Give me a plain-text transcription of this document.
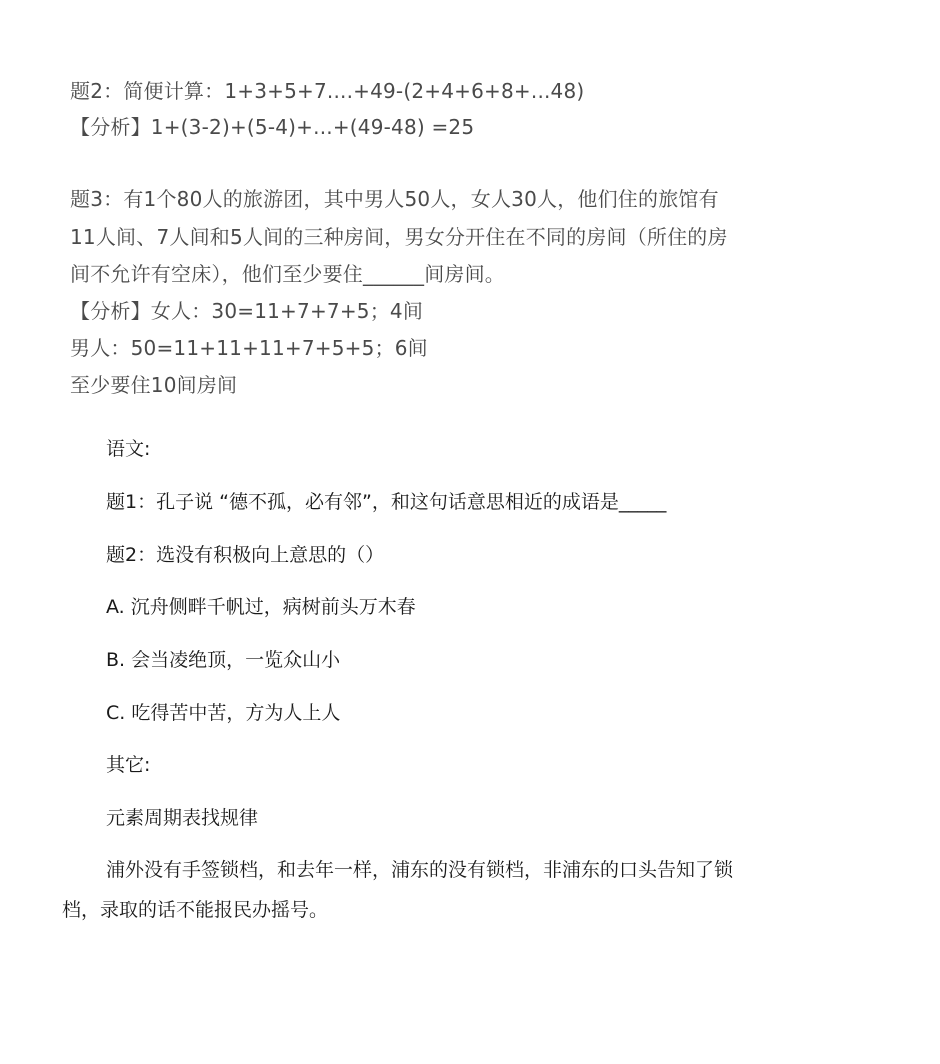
题2：简便计算：1+3+5+7....+49-(2+4+6+8+...48)
【分析】1+(3-2)+(5-4)+...+(49-48) =25
题3：有1个80人的旅游团，其中男人50人，女人30人，他们住的旅馆有
11人间、7人间和5人间的三种房间，男女分开住在不同的房间（所住的房
间不允许有空床），他们至少要住______间房间。
【分析】女人：30=11+7+7+5；4间
男人：50=11+11+11+7+5+5；6间
至少要住10间房间
语文:
题1：孔子说 “德不孤，必有邻”，和这句话意思相近的成语是_____
题2：选没有积极向上意思的（）
A. 沉舟侧畔千帆过，病树前头万木春
B. 会当凌绝顶，一览众山小
C. 吃得苦中苦，方为人上人
其它:
元素周期表找规律
浦外没有手签锁档，和去年一样，浦东的没有锁档，非浦东的口头告知了锁
档，录取的话不能报民办摇号。
